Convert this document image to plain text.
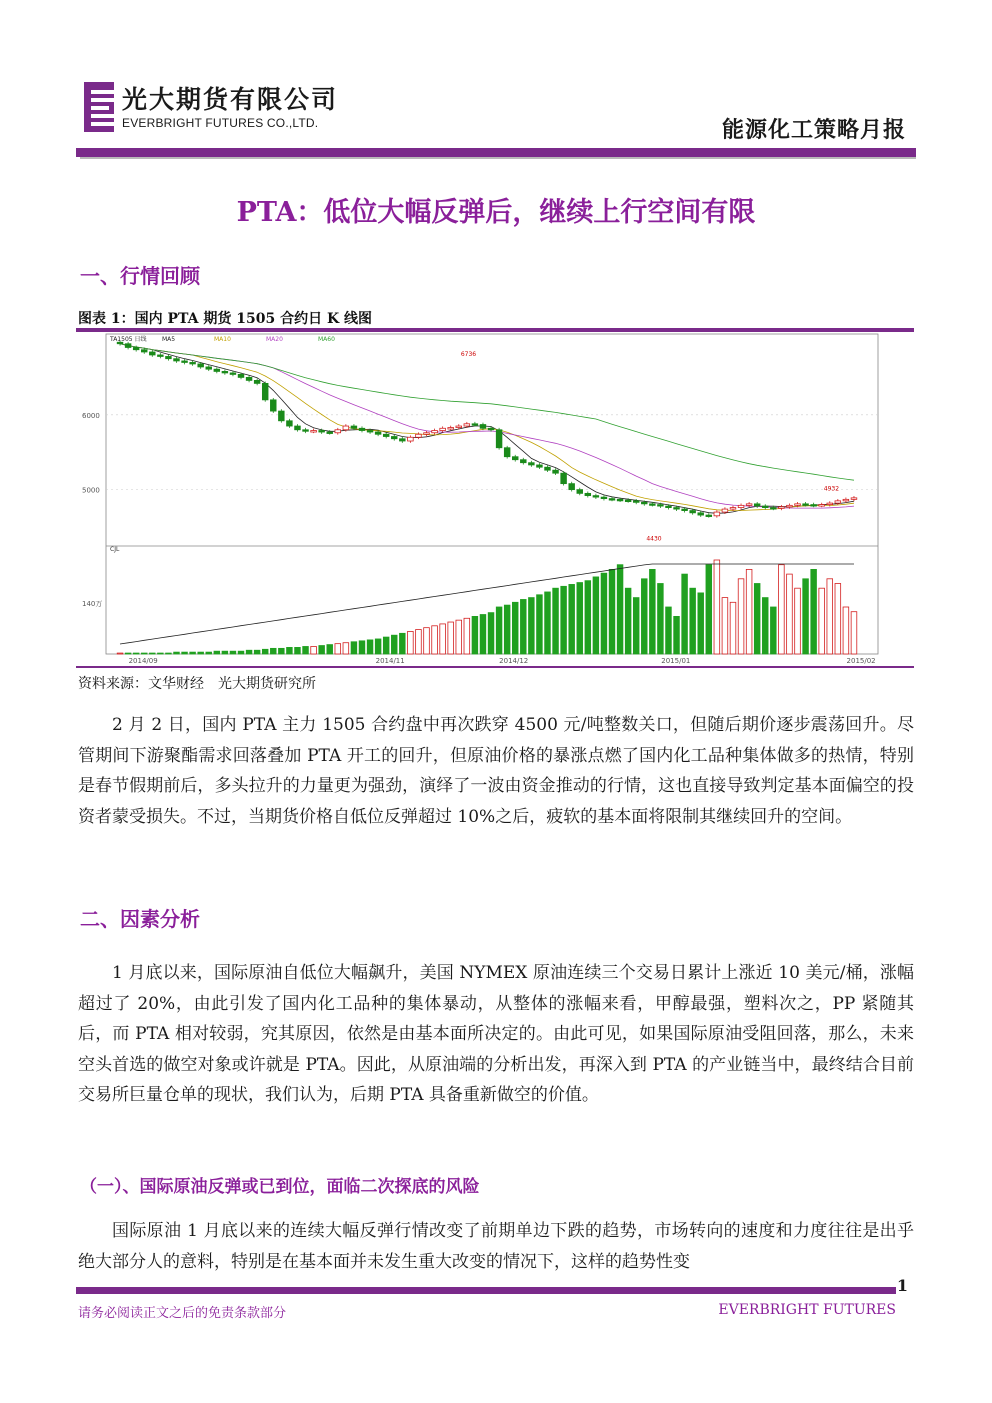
光大期货有限公司
EVERBRIGHT FUTURES CO.,LTD.	能源化工策略月报
PTA：低位大幅反弹后，继续上行空间有限
一、行情回顾
图表 1：国内 PTA 期货 1505 合约日 K 线图
6000
5000
140万
CJL
TA1505 日线	MA5	MA10	MA20	MA60
2014/09	2014/11	2014/12	2015/01	2015/02
6736
4932
4430
资料来源：文华财经　光大期货研究所

2 月 2 日，国内 PTA 主力 1505 合约盘中再次跌穿 4500 元/吨整数关口，但随后期价逐步震荡回升。尽管期间下游聚酯需求回落叠加 PTA 开工的回升，但原油价格的暴涨点燃了国内化工品种集体做多的热情，特别是春节假期前后，多头拉升的力量更为强劲，演绎了一波由资金推动的行情，这也直接导致判定基本面偏空的投资者蒙受损失。不过，当期货价格自低位反弹超过 10%之后，疲软的基本面将限制其继续回升的空间。

二、因素分析

1 月底以来，国际原油自低位大幅飙升，美国 NYMEX 原油连续三个交易日累计上涨近 10 美元/桶，涨幅超过了 20%，由此引发了国内化工品种的集体暴动，从整体的涨幅来看，甲醇最强，塑料次之，PP 紧随其后，而 PTA 相对较弱，究其原因，依然是由基本面所决定的。由此可见，如果国际原油受阻回落，那么，未来空头首选的做空对象或许就是 PTA。因此，从原油端的分析出发，再深入到 PTA 的产业链当中，最终结合目前交易所巨量仓单的现状，我们认为，后期 PTA 具备重新做空的价值。

（一）、国际原油反弹或已到位，面临二次探底的风险

国际原油 1 月底以来的连续大幅反弹行情改变了前期单边下跌的趋势，市场转向的速度和力度往往是出乎绝大部分人的意料，特别是在基本面并未发生重大改变的情况下，这样的趋势性变

1
请务必阅读正文之后的免责条款部分	EVERBRIGHT FUTURES
